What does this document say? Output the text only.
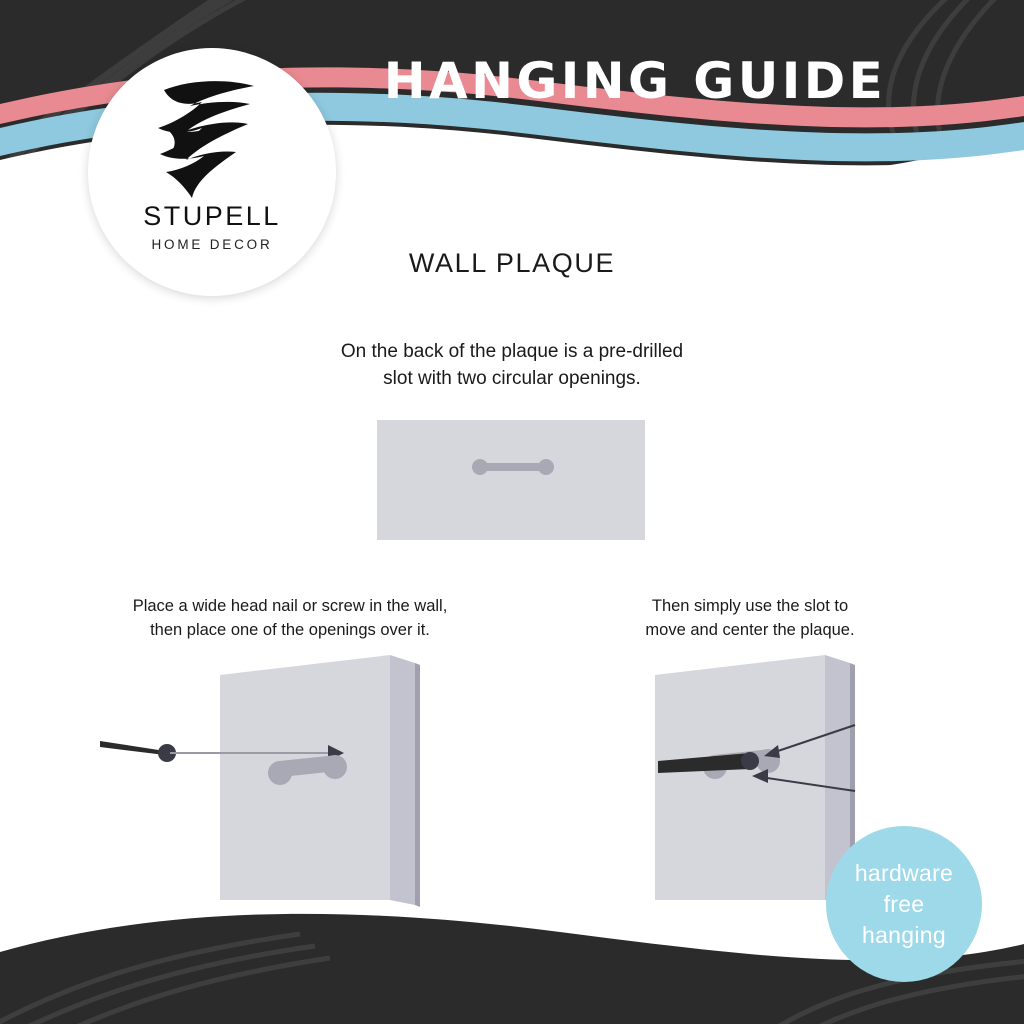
STUPELL
HOME DECOR
HANGING GUIDE
WALL PLAQUE
On the back of the plaque is a pre-drilled
slot with two circular openings.
Place a wide head nail or screw in the wall,
then place one of the openings over it.
Then simply use the slot to
move and center the plaque.
hardware
free
hanging
